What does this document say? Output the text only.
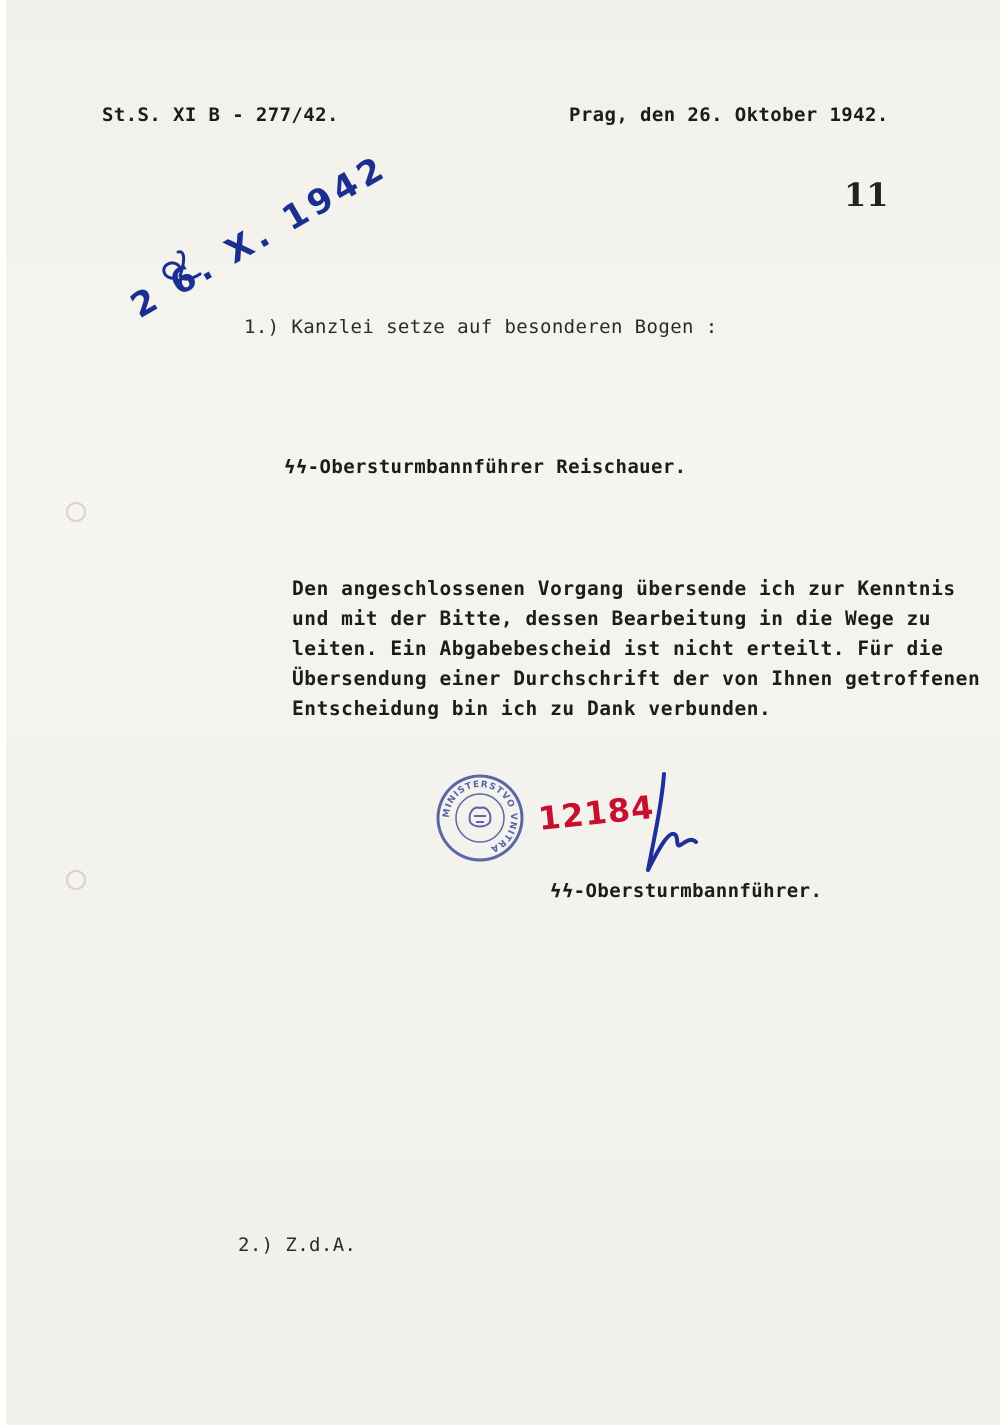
St.S. XI B - 277/42.	Prag, den 26. Oktober 1942.
11
2 6. X. 1942
1.) Kanzlei setze auf besonderen Bogen :
ϟϟ-Obersturmbannführer Reischauer.
Den angeschlossenen Vorgang übersende ich zur Kenntnis
und mit der Bitte, dessen Bearbeitung in die Wege zu
leiten. Ein Abgabebescheid ist nicht erteilt. Für die
Übersendung einer Durchschrift der von Ihnen getroffenen
Entscheidung bin ich zu Dank verbunden.
MINISTERSTVO VNITRA
12184
ϟϟ-Obersturmbannführer.
2.) Z.d.A.
